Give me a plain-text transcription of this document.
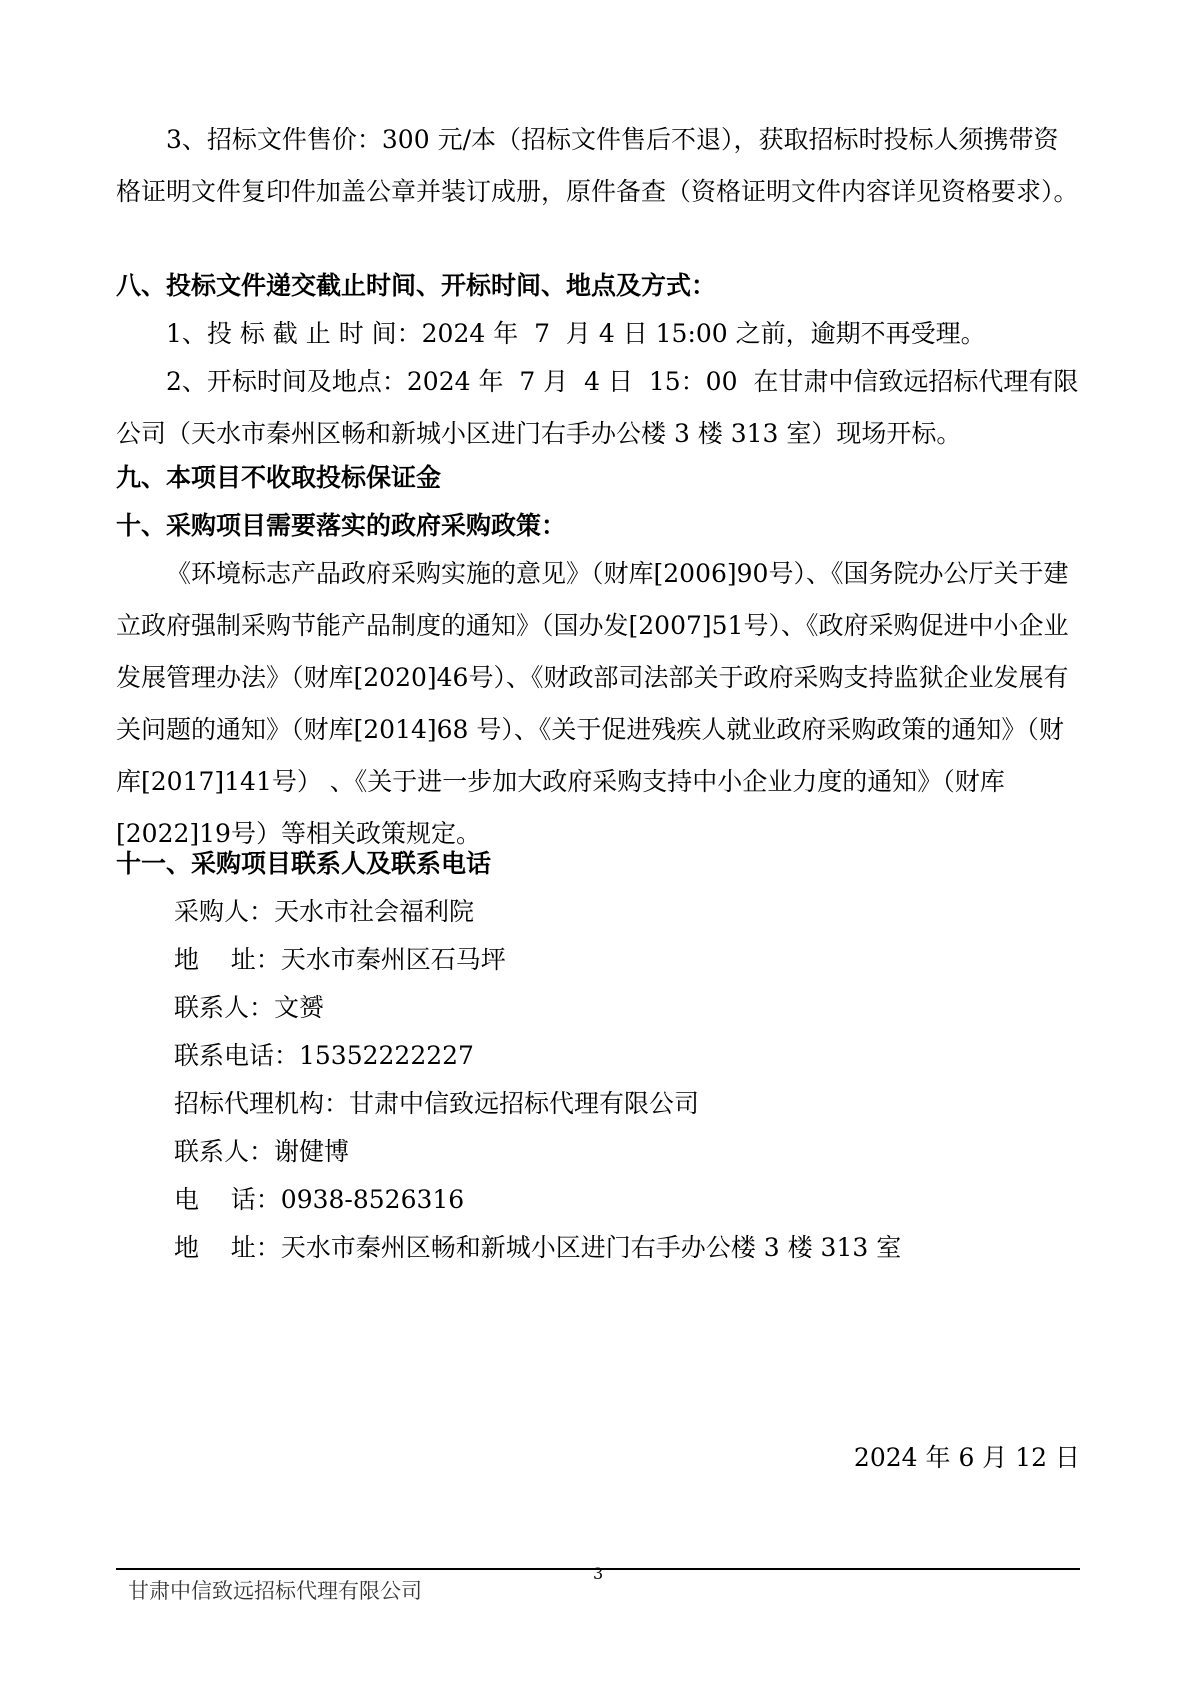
3、招标文件售价：300 元/本（招标文件售后不退），获取招标时投标人须携带资格证明文件复印件加盖公章并装订成册，原件备查（资格证明文件内容详见资格要求）。

八、投标文件递交截止时间、开标时间、地点及方式：

1、投 标 截 止 时 间：2024 年  7  月 4 日 15:00 之前，逾期不再受理。

2、开标时间及地点：2024 年  7 月  4 日  15：00  在甘肃中信致远招标代理有限公司（天水市秦州区畅和新城小区进门右手办公楼 3 楼 313 室）现场开标。

九、本项目不收取投标保证金
十、采购项目需要落实的政府采购政策：

《环境标志产品政府采购实施的意见》（财库[2006]90号）、《国务院办公厅关于建立政府强制采购节能产品制度的通知》（国办发[2007]51号）、《政府采购促进中小企业发展管理办法》（财库[2020]46号）、《财政部司法部关于政府采购支持监狱企业发展有关问题的通知》（财库[2014]68 号）、《关于促进残疾人就业政府采购政策的通知》（财库[2017]141号） 、《关于进一步加大政府采购支持中小企业力度的通知》（财库[2022]19号）等相关政策规定。

十一、采购项目联系人及联系电话

采购人：天水市社会福利院

地    址：天水市秦州区石马坪

联系人：文赟

联系电话：15352222227

招标代理机构：甘肃中信致远招标代理有限公司

联系人：谢健博

电    话：0938-8526316

地    址：天水市秦州区畅和新城小区进门右手办公楼 3 楼 313 室

2024 年 6 月 12 日

甘肃中信致远招标代理有限公司

3
